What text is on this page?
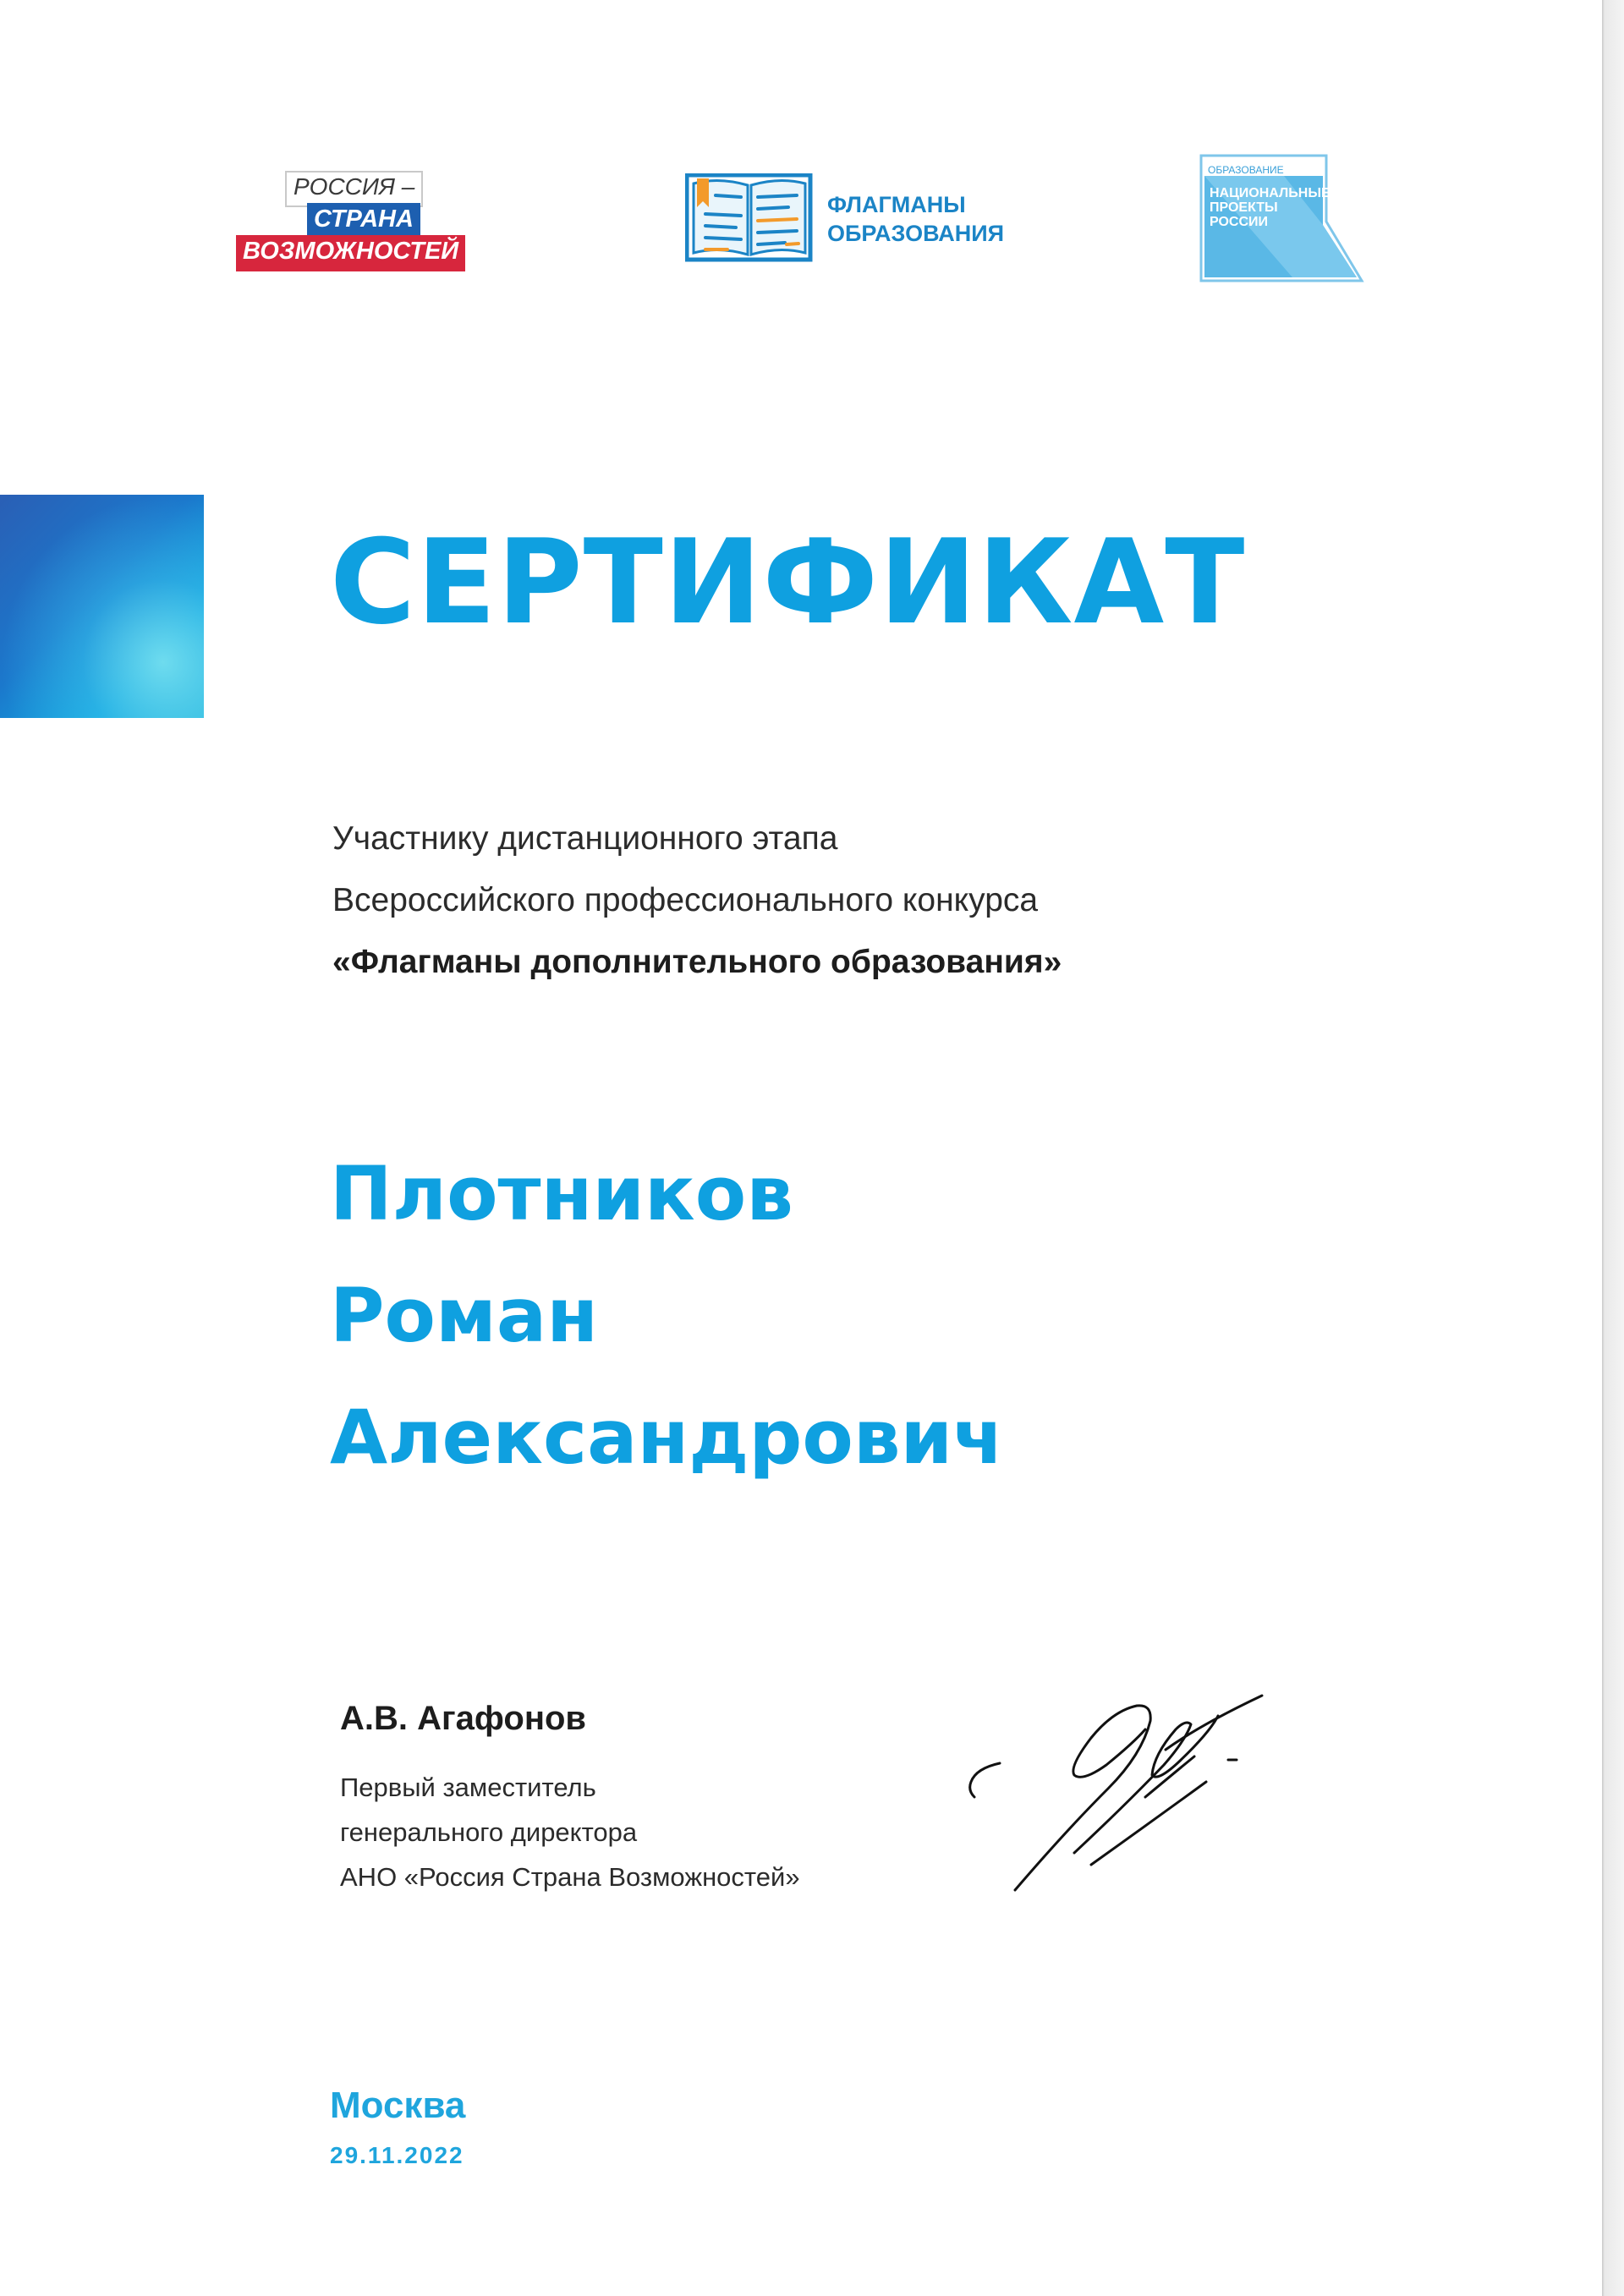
РОССИЯ –
СТРАНА
ВОЗМОЖНОСТЕЙ
ФЛАГМАНЫ
ОБРАЗОВАНИЯ
ОБРАЗОВАНИЕ
НАЦИОНАЛЬНЫЕ ПРОЕКТЫ РОССИИ
СЕРТИФИКАТ
Участнику дистанционного этапа
Всероссийского профессионального конкурса
«Флагманы дополнительного образования»
Плотников
Роман
Александрович
А.В. Агафонов
Первый заместитель
генерального директора
АНО «Россия Страна Возможностей»
Москва
29.11.2022
